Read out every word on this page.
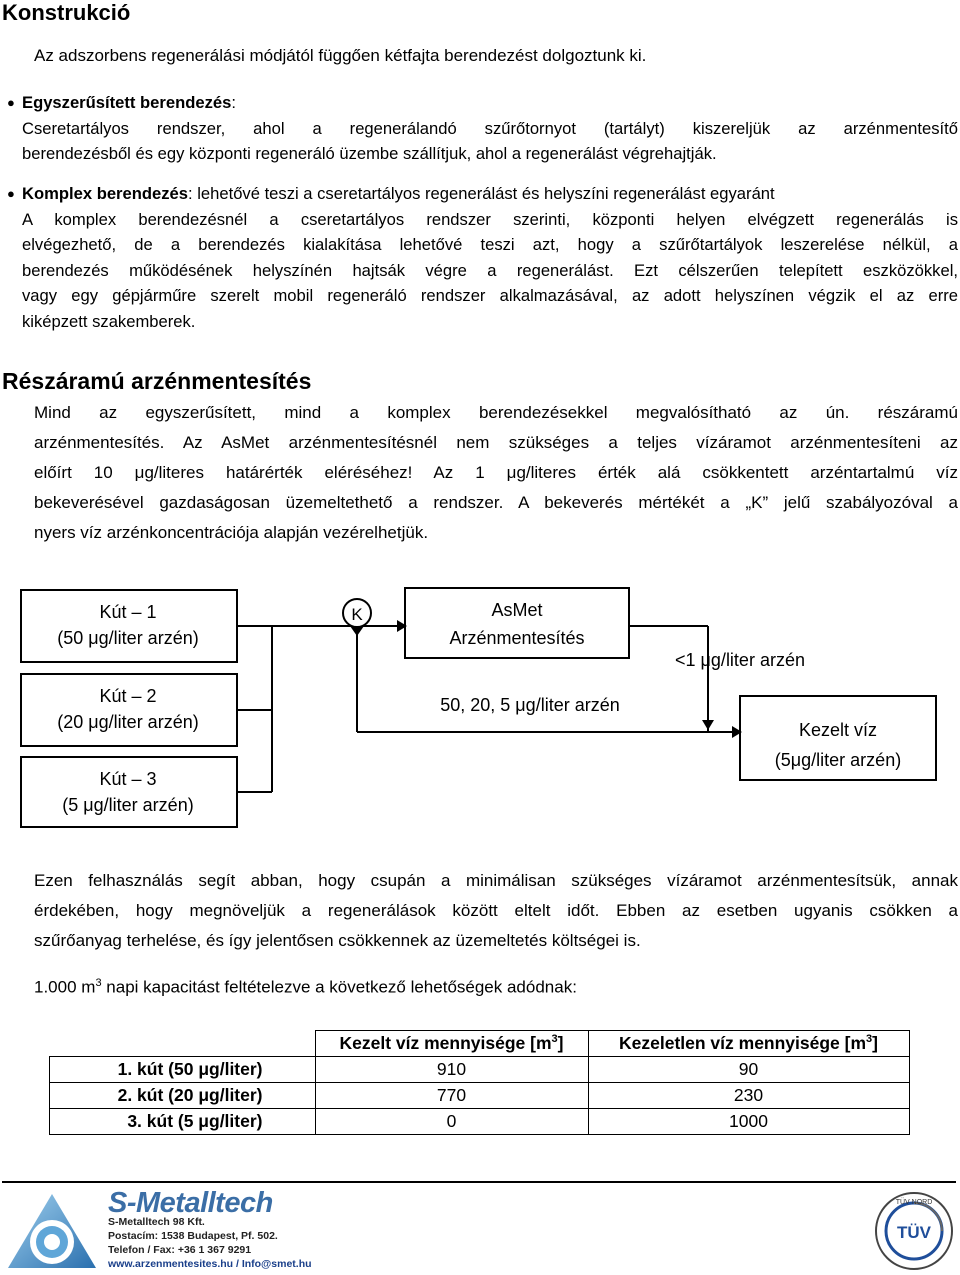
Konstrukció
Az adszorbens regenerálási módjától függően kétfajta berendezést dolgoztunk ki.
● Egyszerűsített berendezés:
Cseretartályos rendszer, ahol a regenerálandó szűrőtornyot (tartályt) kiszereljük az arzénmentesítő
berendezésből és egy központi regeneráló üzembe szállítjuk, ahol a regenerálást végrehajtják.
● Komplex berendezés: lehetővé teszi a cseretartályos regenerálást és helyszíni regenerálást egyaránt
A komplex berendezésnél a cseretartályos rendszer szerinti, központi helyen elvégzett regenerálás is
elvégezhető, de a berendezés kialakítása lehetővé teszi azt, hogy a szűrőtartályok leszerelése nélkül, a
berendezés működésének helyszínén hajtsák végre a regenerálást. Ezt célszerűen telepített eszközökkel,
vagy egy gépjárműre szerelt mobil regeneráló rendszer alkalmazásával, az adott helyszínen végzik el az erre
kiképzett szakemberek.
Részáramú arzénmentesítés
Mind az egyszerűsített, mind a komplex berendezésekkel megvalósítható az ún. részáramú
arzénmentesítés. Az AsMet arzénmentesítésnél nem szükséges a teljes vízáramot arzénmentesíteni az
előírt 10 μg/literes határérték eléréséhez! Az 1 μg/literes érték alá csökkentett arzéntartalmú víz
bekeverésével gazdaságosan üzemeltethető a rendszer. A bekeverés mértékét a „K” jelű szabályozóval a
nyers víz arzénkoncentrációja alapján vezérelhetjük.
Kút – 1
(50 μg/liter arzén)
Kút – 2
(20 μg/liter arzén)
Kút – 3
(5 μg/liter arzén)
K	AsMet
Arzénmentesítés
<1 μg/liter arzén
50, 20, 5 μg/liter arzén
Kezelt víz
(5μg/liter arzén)
Ezen felhasználás segít abban, hogy csupán a minimálisan szükséges vízáramot arzénmentesítsük, annak
érdekében, hogy megnöveljük a regenerálások között eltelt időt. Ebben az esetben ugyanis csökken a
szűrőanyag terhelése, és így jelentősen csökkennek az üzemeltetés költségei is.
1.000 $m^3$ napi kapacitást feltételezve a következő lehetőségek adódnak:
	Kezelt víz mennyisége $[m^3]$	Kezeletlen víz mennyisége $[m^3]$
1. kút (50 μg/liter)	910	90
2. kút (20 μg/liter)	770	230
3. kút (5 μg/liter)	0	1000
S-Metalltech
S-Metalltech 98 Kft.
Postacím: 1538 Budapest, Pf. 502.
Telefon / Fax: +36 1 367 9291
www.arzenmentesites.hu / Info@smet.hu
TÜV
TÜV NORD
